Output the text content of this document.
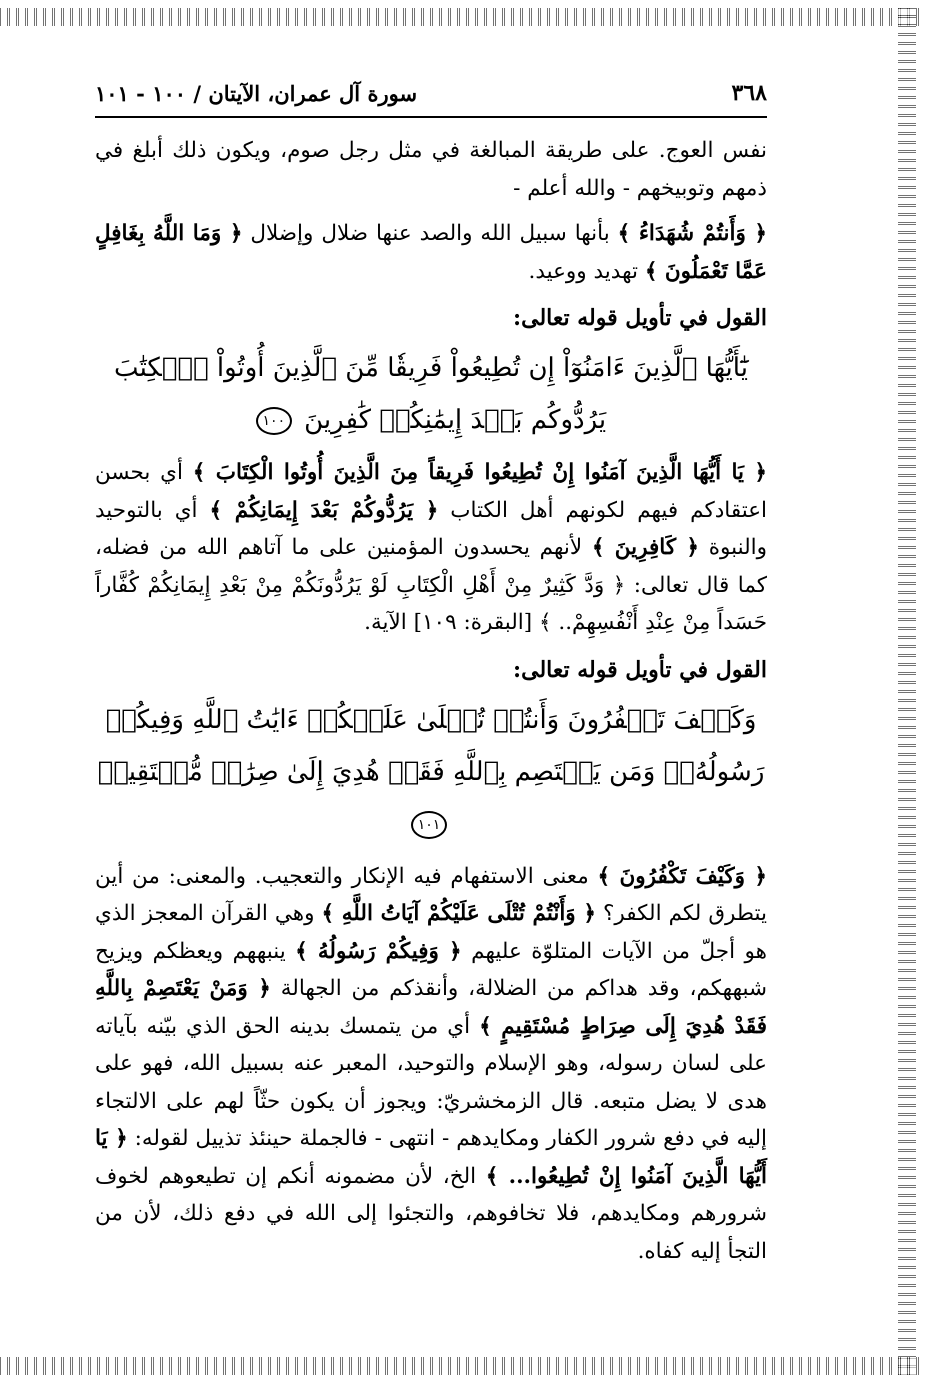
٣٦٨
سورة آل عمران، الآيتان / ١٠٠ - ١٠١

نفس العوج. على طريقة المبالغة في مثل رجل صوم، ويكون ذلك أبلغ في ذمهم وتوبيخهم - والله أعلم -

﴿ وَأَنتُمْ شُهَدَاءُ ﴾ بأنها سبيل الله والصد عنها ضلال وإضلال ﴿ وَمَا اللَّهُ بِغَافِلٍ عَمَّا تَعْمَلُونَ ﴾ تهديد ووعيد.

القول في تأويل قوله تعالى:

يَٰٓأَيُّهَا ٱلَّذِينَ ءَامَنُوٓاْ إِن تُطِيعُواْ فَرِيقٗا مِّنَ ٱلَّذِينَ أُوتُواْ ٱلۡكِتَٰبَ يَرُدُّوكُم بَعۡدَ إِيمَٰنِكُمۡ كَٰفِرِينَ ١٠٠

﴿ يَا أَيُّهَا الَّذِينَ آمَنُوا إِنْ تُطِيعُوا فَرِيقاً مِنَ الَّذِينَ أُوتُوا الْكِتَابَ ﴾ أي بحسن اعتقادكم فيهم لكونهم أهل الكتاب ﴿ يَرُدُّوكُمْ بَعْدَ إِيمَانِكُمْ ﴾ أي بالتوحيد والنبوة ﴿ كَافِرِينَ ﴾ لأنهم يحسدون المؤمنين على ما آتاهم الله من فضله، كما قال تعالى: ﴿ وَدَّ كَثِيرٌ مِنْ أَهْلِ الْكِتَابِ لَوْ يَرُدُّونَكُمْ مِنْ بَعْدِ إِيمَانِكُمْ كُفَّاراً حَسَداً مِنْ عِنْدِ أَنْفُسِهِمْ.. ﴾ [البقرة: ١٠٩] الآية.

القول في تأويل قوله تعالى:

وَكَيۡفَ تَكۡفُرُونَ وَأَنتُمۡ تُتۡلَىٰ عَلَيۡكُمۡ ءَايَٰتُ ٱللَّهِ وَفِيكُمۡ رَسُولُهُۥۗ وَمَن يَعۡتَصِم بِٱللَّهِ فَقَدۡ هُدِيَ إِلَىٰ صِرَٰطٖ مُّسۡتَقِيمٖ ١٠١

﴿ وَكَيْفَ تَكْفُرُونَ ﴾ معنى الاستفهام فيه الإنكار والتعجيب. والمعنى: من أين يتطرق لكم الكفر؟ ﴿ وَأَنْتُمْ تُتْلَى عَلَيْكُمْ آيَاتُ اللَّهِ ﴾ وهي القرآن المعجز الذي هو أجلّ من الآيات المتلوّة عليهم ﴿ وَفِيكُمْ رَسُولُهُ ﴾ ينبههم ويعظكم ويزيح شبههكم، وقد هداكم من الضلالة، وأنقذكم من الجهالة ﴿ وَمَنْ يَعْتَصِمْ بِاللَّهِ فَقَدْ هُدِيَ إِلَى صِرَاطٍ مُسْتَقِيمٍ ﴾ أي من يتمسك بدينه الحق الذي بيّنه بآياته على لسان رسوله، وهو الإسلام والتوحيد، المعبر عنه بسبيل الله، فهو على هدى لا يضل متبعه. قال الزمخشريّ: ويجوز أن يكون حثّاً لهم على الالتجاء إليه في دفع شرور الكفار ومكايدهم - انتهى - فالجملة حينئذ تذييل لقوله: ﴿ يَا أَيُّهَا الَّذِينَ آمَنُوا إِنْ تُطِيعُوا... ﴾ الخ، لأن مضمونه أنكم إن تطيعوهم لخوف شرورهم ومكايدهم، فلا تخافوهم، والتجئوا إلى الله في دفع ذلك، لأن من التجأ إليه كفاه.
